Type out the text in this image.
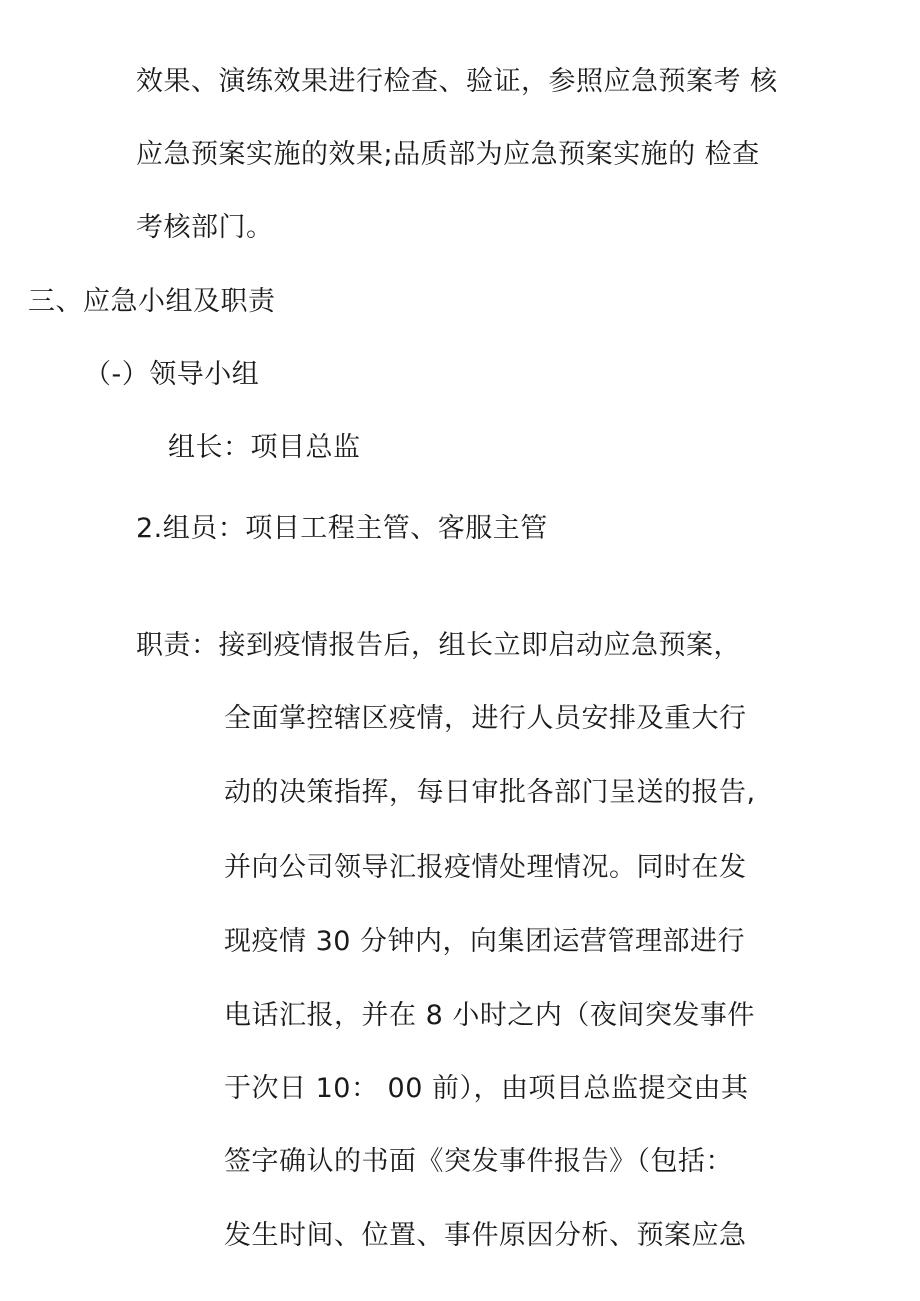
效果、演练效果进行检查、验证，参照应急预案考 核
应急预案实施的效果;品质部为应急预案实施的 检查
考核部门。
三、应急小组及职责
（-）领导小组
组长：项目总监
2.组员：项目工程主管、客服主管
职责：接到疫情报告后，组长立即启动应急预案，
全面掌控辖区疫情，进行人员安排及重大行
动的决策指挥，每日审批各部门呈送的报告,
并向公司领导汇报疫情处理情况。同时在发
现疫情 30 分钟内，向集团运营管理部进行
电话汇报，并在 8 小时之内（夜间突发事件
于次日 10： 00 前），由项目总监提交由其
签字确认的书面《突发事件报告》（包括：
发生时间、位置、事件原因分析、预案应急
